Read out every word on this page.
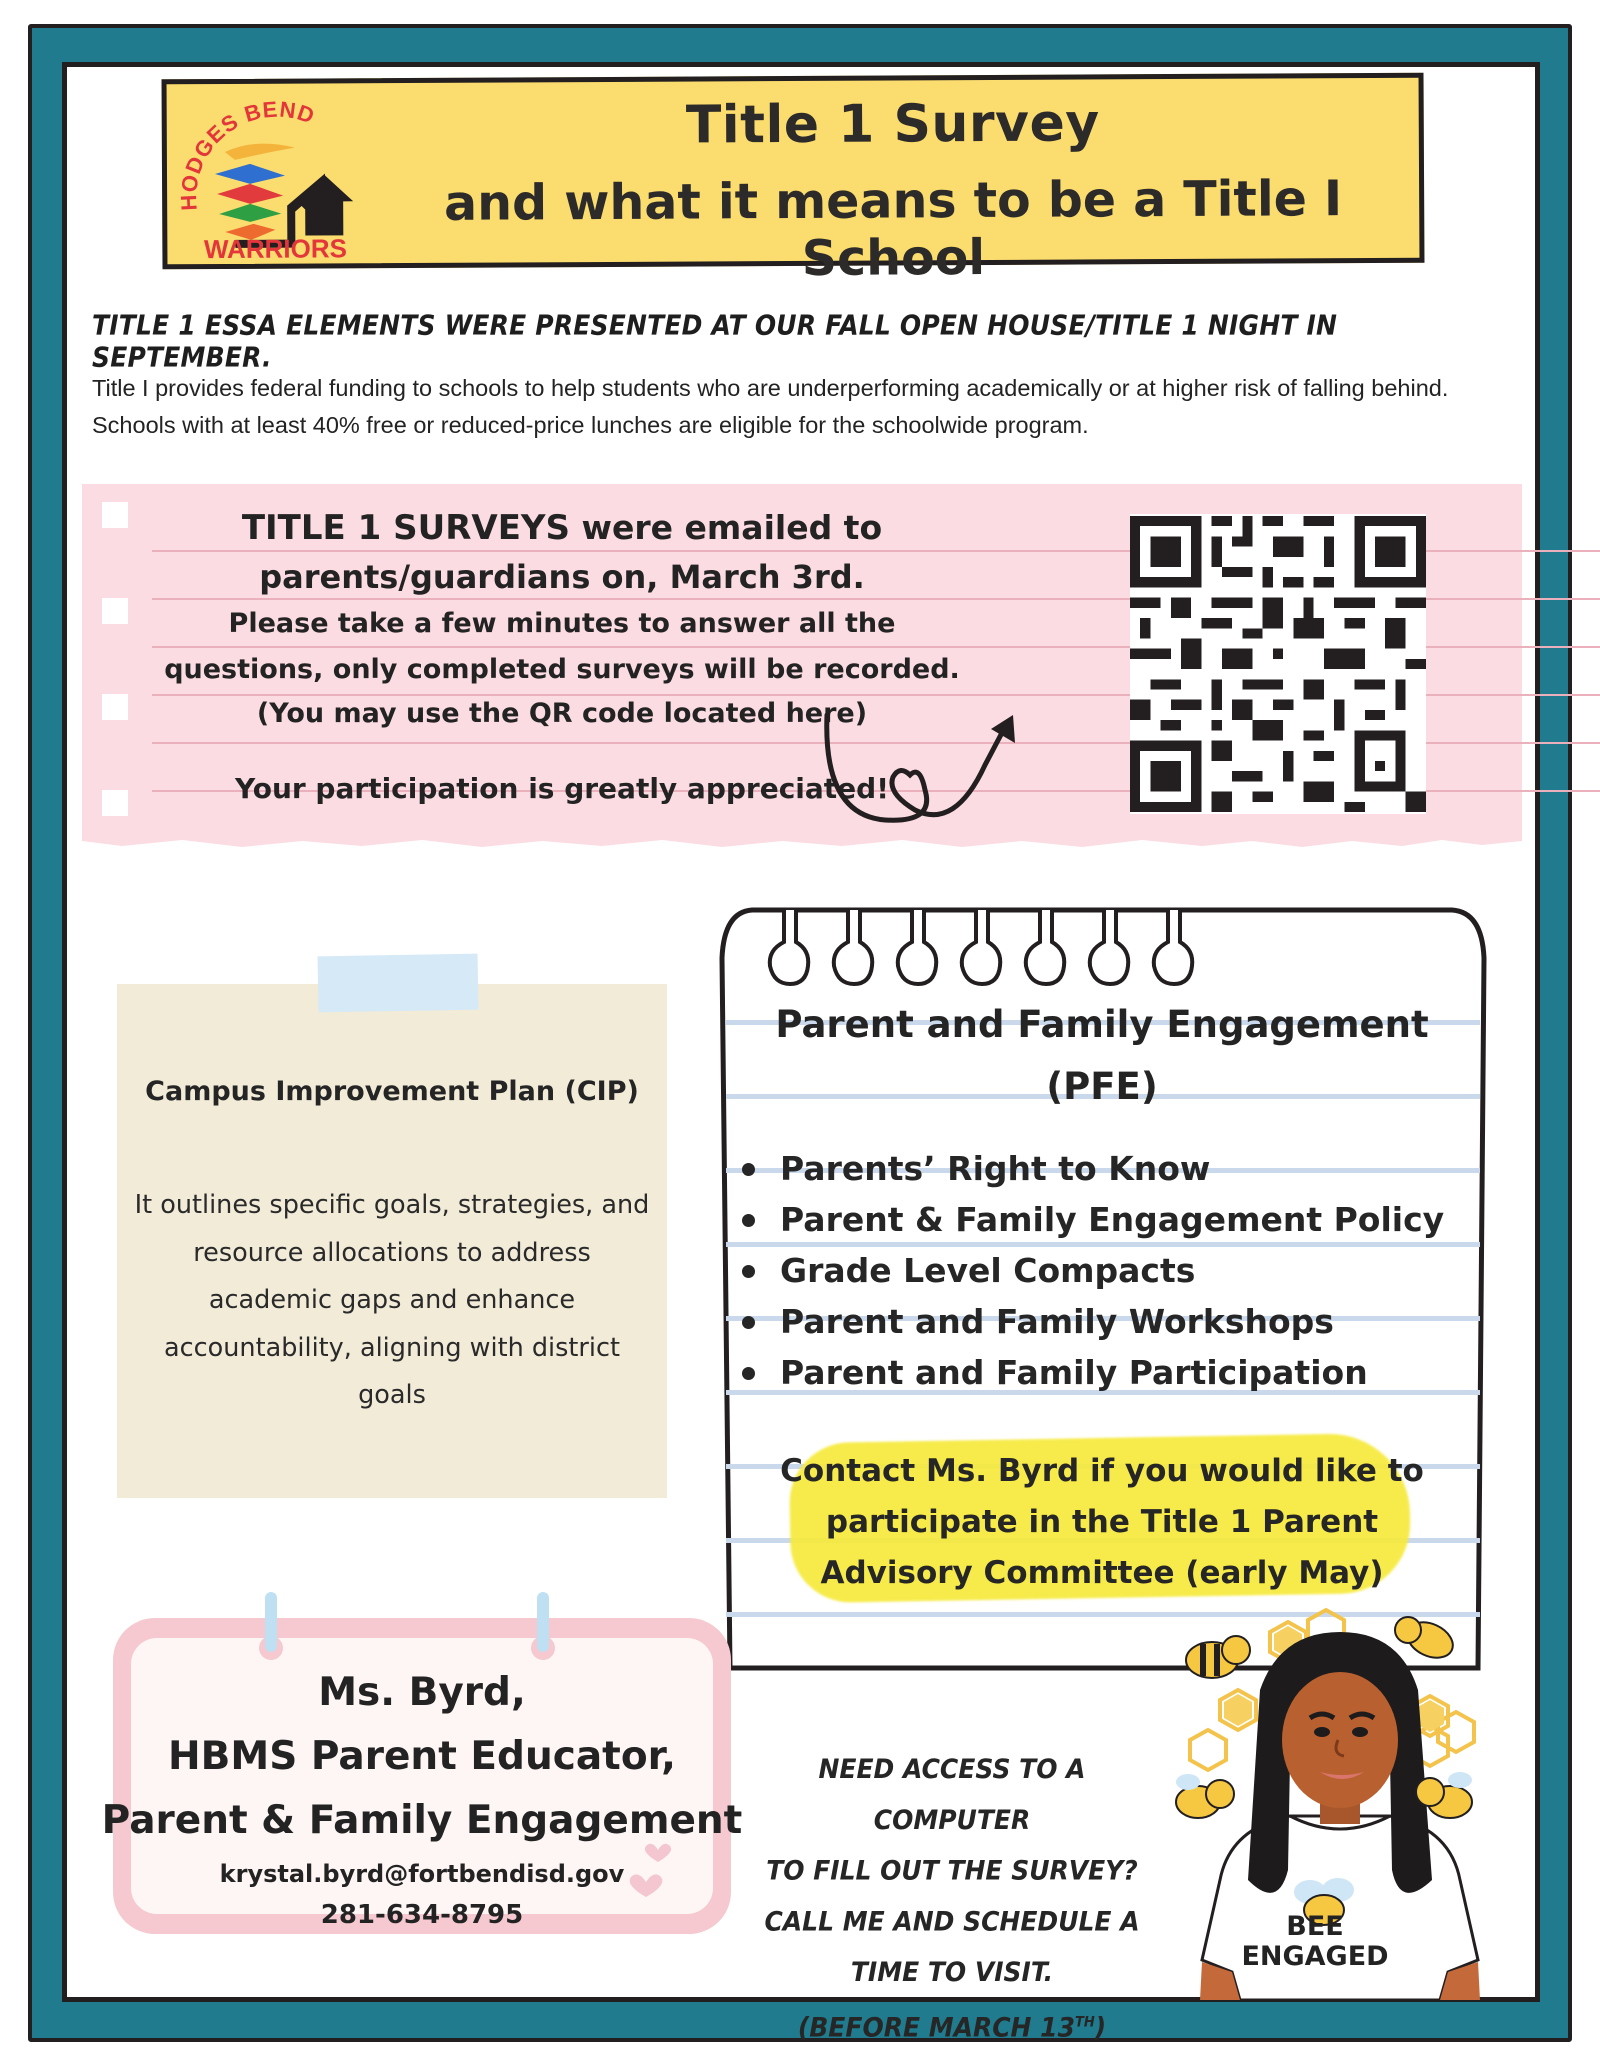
HODGES BEND
WARRIORS
Title 1 Survey
and what it means to be a Title I School
TITLE 1 ESSA ELEMENTS WERE PRESENTED AT OUR FALL OPEN HOUSE/TITLE 1 NIGHT IN SEPTEMBER.
Title I provides federal funding to schools to help students who are underperforming academically or at higher risk of falling behind. Schools with at least 40% free or reduced-price lunches are eligible for the schoolwide program.
TITLE 1 SURVEYS were emailed to
parents/guardians on, March 3rd.
Please take a few minutes to answer all the
questions, only completed surveys will be recorded.
(You may use the QR code located here)
Your participation is greatly appreciated!
Campus Improvement Plan (CIP)
It outlines specific goals, strategies, and resource allocations to address academic gaps and enhance accountability, aligning with district goals
Parent and Family Engagement
(PFE)
Parents’ Right to Know
Parent & Family Engagement Policy
Grade Level Compacts
Parent and Family Workshops
Parent and Family Participation
Contact Ms. Byrd if you would like to
participate in the Title 1 Parent
Advisory Committee (early May)
Ms. Byrd,
HBMS Parent Educator,
Parent & Family Engagement
krystal.byrd@fortbendisd.gov
281-634-8795
NEED ACCESS TO A COMPUTER
TO FILL OUT THE SURVEY?
CALL ME AND SCHEDULE A
TIME TO VISIT.
(BEFORE MARCH 13TH)
BEE
ENGAGED
